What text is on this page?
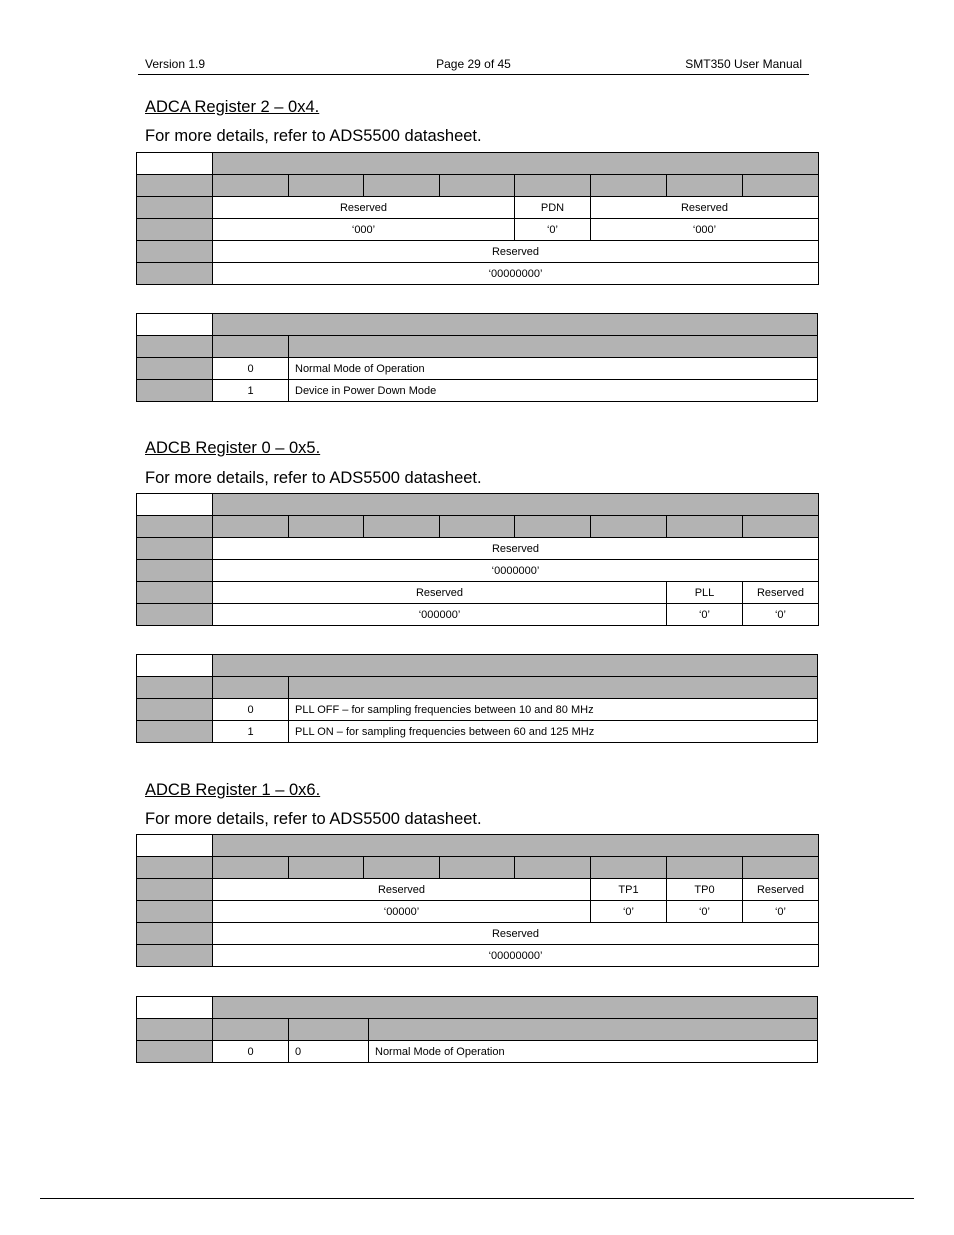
Version 1.9	Page 29 of 45	SMT350 User Manual
ADCA Register 2 – 0x4.
For more details, refer to ADS5500 datasheet.

	Reserved				PDN	Reserved		
	‘000’				‘0’	‘000’		
	Reserved							
	‘00000000’							

	0	Normal Mode of Operation
	1	Device in Power Down Mode
ADCB Register 0 – 0x5.
For more details, refer to ADS5500 datasheet.

	Reserved							
	‘0000000’							
	Reserved						PLL	Reserved
	‘000000’						‘0’	‘0’

	0	PLL OFF – for sampling frequencies between 10 and 80 MHz
	1	PLL ON – for sampling frequencies between 60 and 125 MHz
ADCB Register 1 – 0x6.
For more details, refer to ADS5500 datasheet.

	Reserved					TP1	TP0	Reserved
	‘00000’					‘0’	‘0’	‘0’
	Reserved							
	‘00000000’							

	0	0	Normal Mode of Operation
